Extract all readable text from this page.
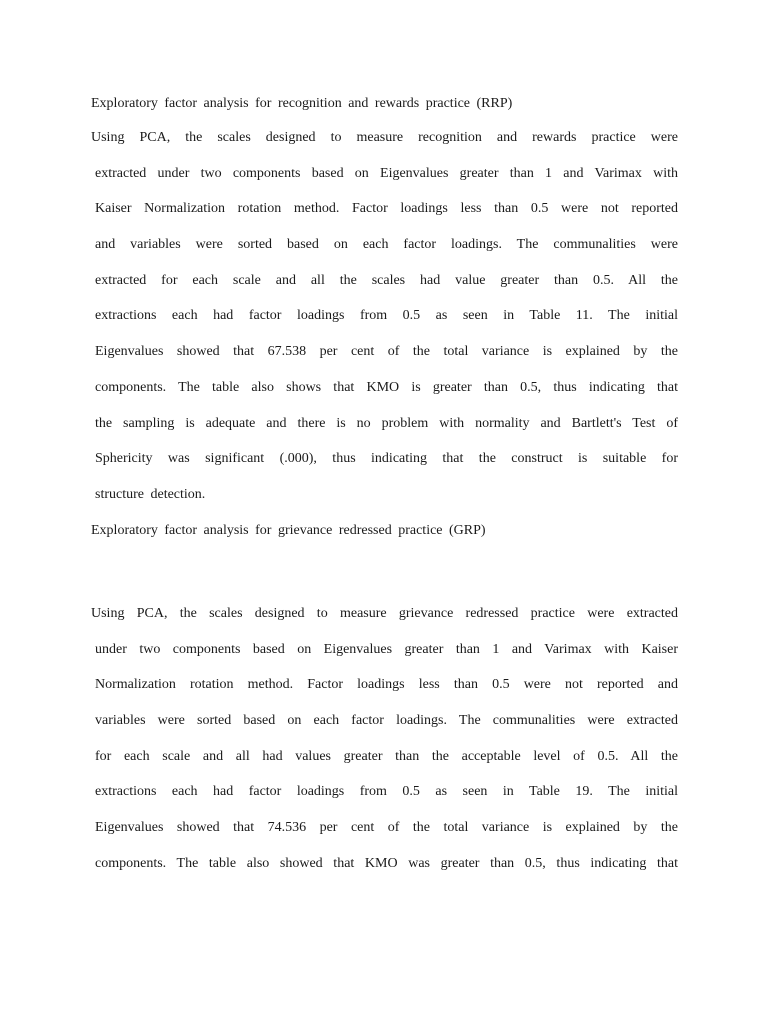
Exploratory factor analysis for recognition and rewards practice (RRP)
Using PCA, the scales designed to measure recognition and rewards practice were
extracted under two components based on Eigenvalues greater than 1 and Varimax with
Kaiser Normalization rotation method. Factor loadings less than 0.5 were not reported
and variables were sorted based on each factor loadings. The communalities were
extracted for each scale and all the scales had value greater than 0.5. All the
extractions each had factor loadings from 0.5 as seen in Table 11. The initial
Eigenvalues showed that 67.538 per cent of the total variance is explained by the
components. The table also shows that KMO is greater than 0.5, thus indicating that
the sampling is adequate and there is no problem with normality and Bartlett's Test of
Sphericity was significant (.000), thus indicating that the construct is suitable for
structure detection.
Exploratory factor analysis for grievance redressed practice (GRP)
Using PCA, the scales designed to measure grievance redressed practice were extracted
under two components based on Eigenvalues greater than 1 and Varimax with Kaiser
Normalization rotation method. Factor loadings less than 0.5 were not reported and
variables were sorted based on each factor loadings. The communalities were extracted
for each scale and all had values greater than the acceptable level of 0.5. All the
extractions each had factor loadings from 0.5 as seen in Table 19. The initial
Eigenvalues showed that 74.536 per cent of the total variance is explained by the
components. The table also showed that KMO was greater than 0.5, thus indicating that
